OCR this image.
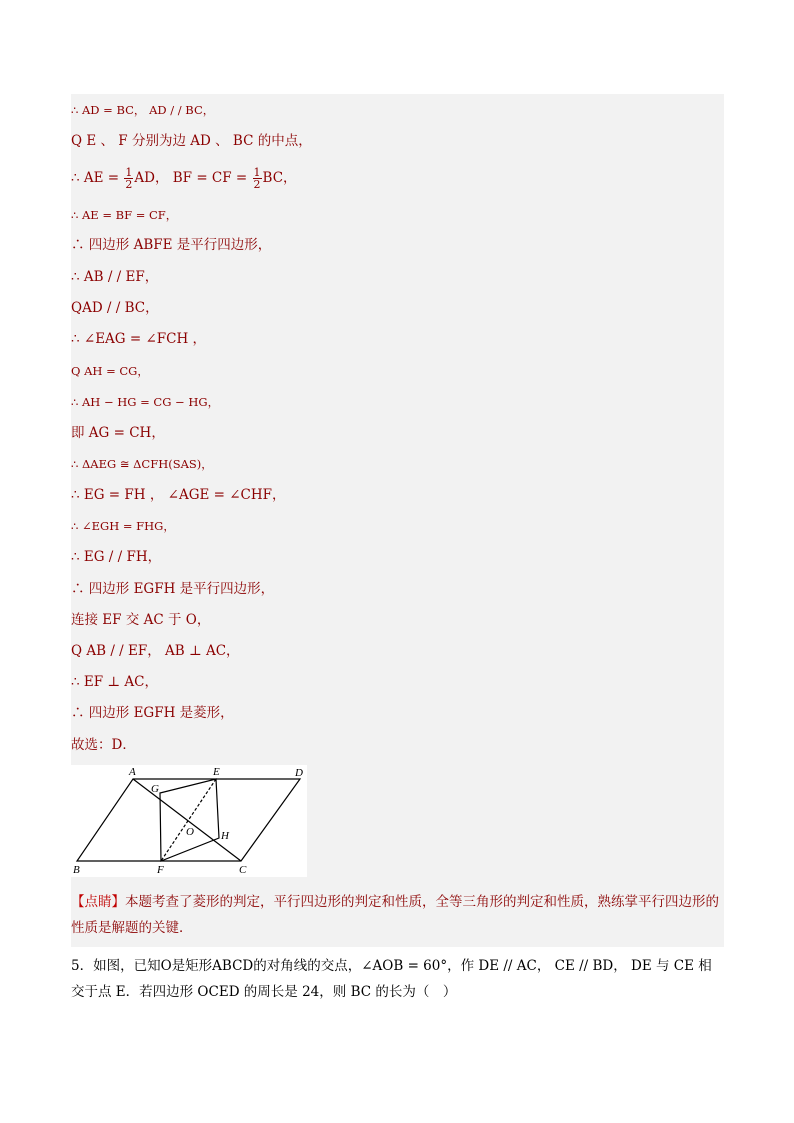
∴ AD = BC， AD / / BC，
Q E 、 F 分别为边 AD 、 BC 的中点，
∴ AE = $\frac{1}{2}$ AD， BF = CF = $\frac{1}{2}$ BC，
∴ AE = BF = CF，
∴ 四边形 ABFE 是平行四边形，
∴ AB / / EF，
QAD / / BC，
∴ ∠EAG = ∠FCH ，
Q AH = CG，
∴ AH − HG = CG − HG，
即 AG = CH，
∴ ΔAEG ≅ ΔCFH(SAS)，
∴ EG = FH ， ∠AGE = ∠CHF，
∴ ∠EGH = FHG，
∴ EG / / FH，
∴ 四边形 EGFH 是平行四边形，
连接 EF 交 AC 于 O，
Q AB / / EF， AB ⊥ AC，
∴ EF ⊥ AC，
∴ 四边形 EGFH 是菱形，
故选：D．
A	E	D
G
O H
B	F	C
【点睛】本题考查了菱形的判定，平行四边形的判定和性质，全等三角形的判定和性质，熟练掌平行四边形的性质是解题的关键．
5．如图，已知O是矩形ABCD的对角线的交点，∠AOB = 60°，作 DE // AC， CE // BD， DE 与 CE 相交于点 E．若四边形 OCED 的周长是 24，则 BC 的长为（　）
